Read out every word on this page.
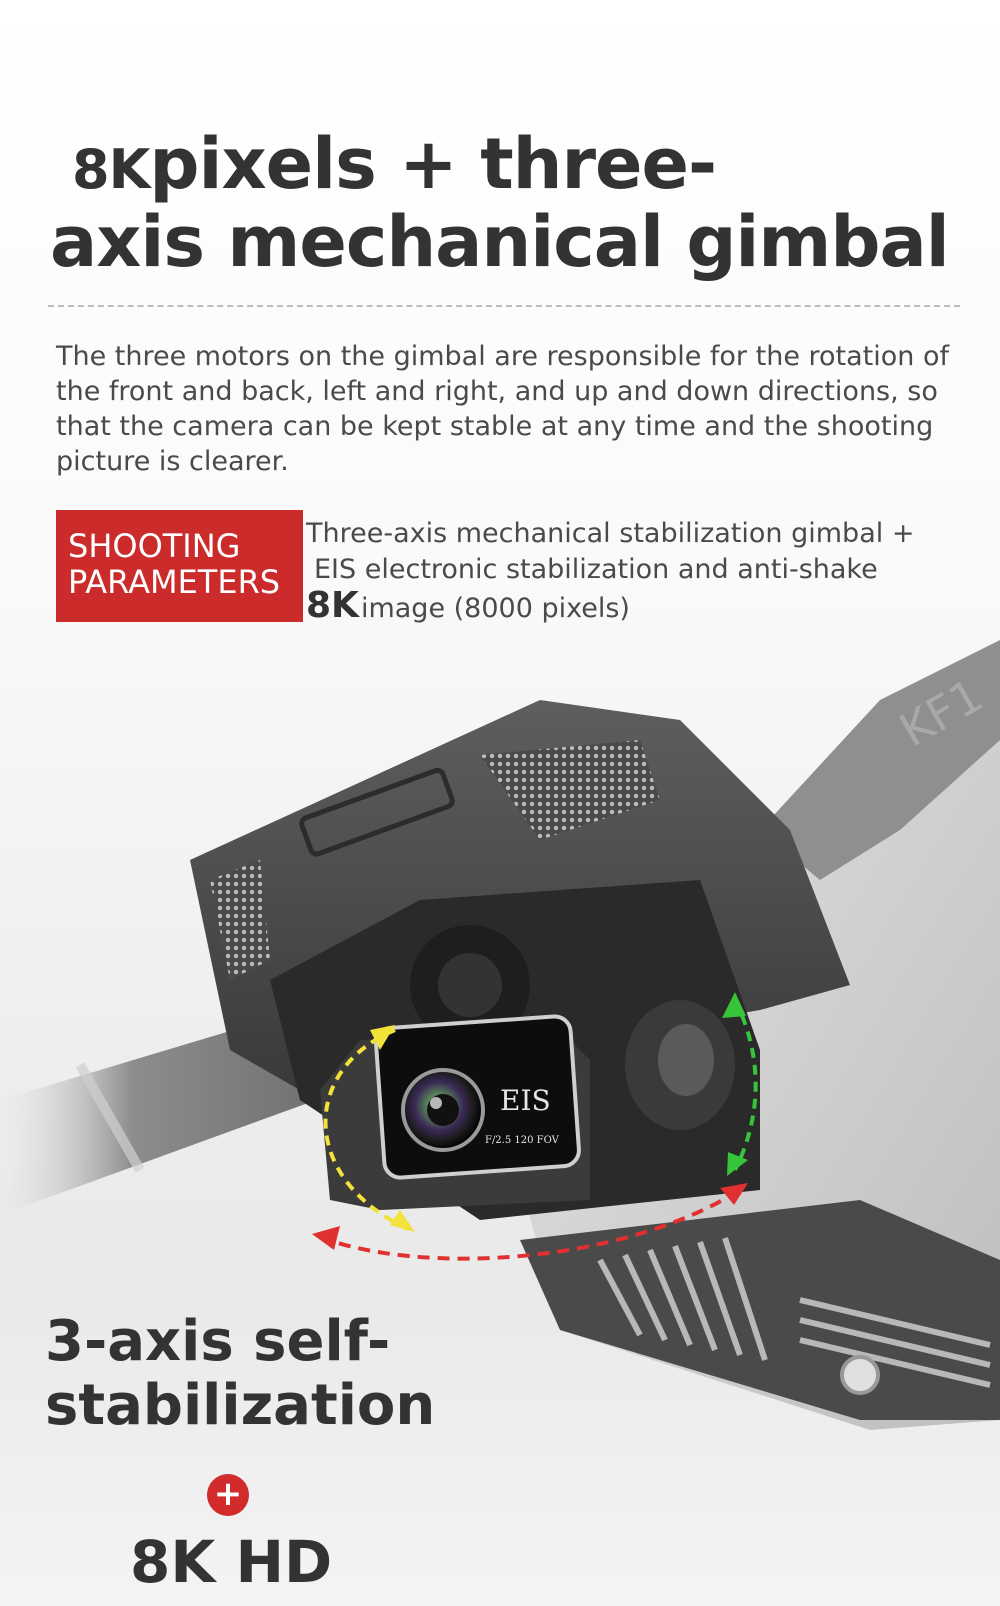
8Kpixels + three-
axis mechanical gimbal
The three motors on the gimbal are responsible for the rotation of the front and back, left and right, and up and down directions, so that the camera can be kept stable at any time and the shooting picture is clearer.
SHOOTING
PARAMETERS
Three-axis mechanical stabilization gimbal +
EIS electronic stabilization and anti-shake
8Kimage (8000 pixels)
KF1
EIS
F/2.5 120 FOV
3-axis self-
stabilization
+
8K HD
